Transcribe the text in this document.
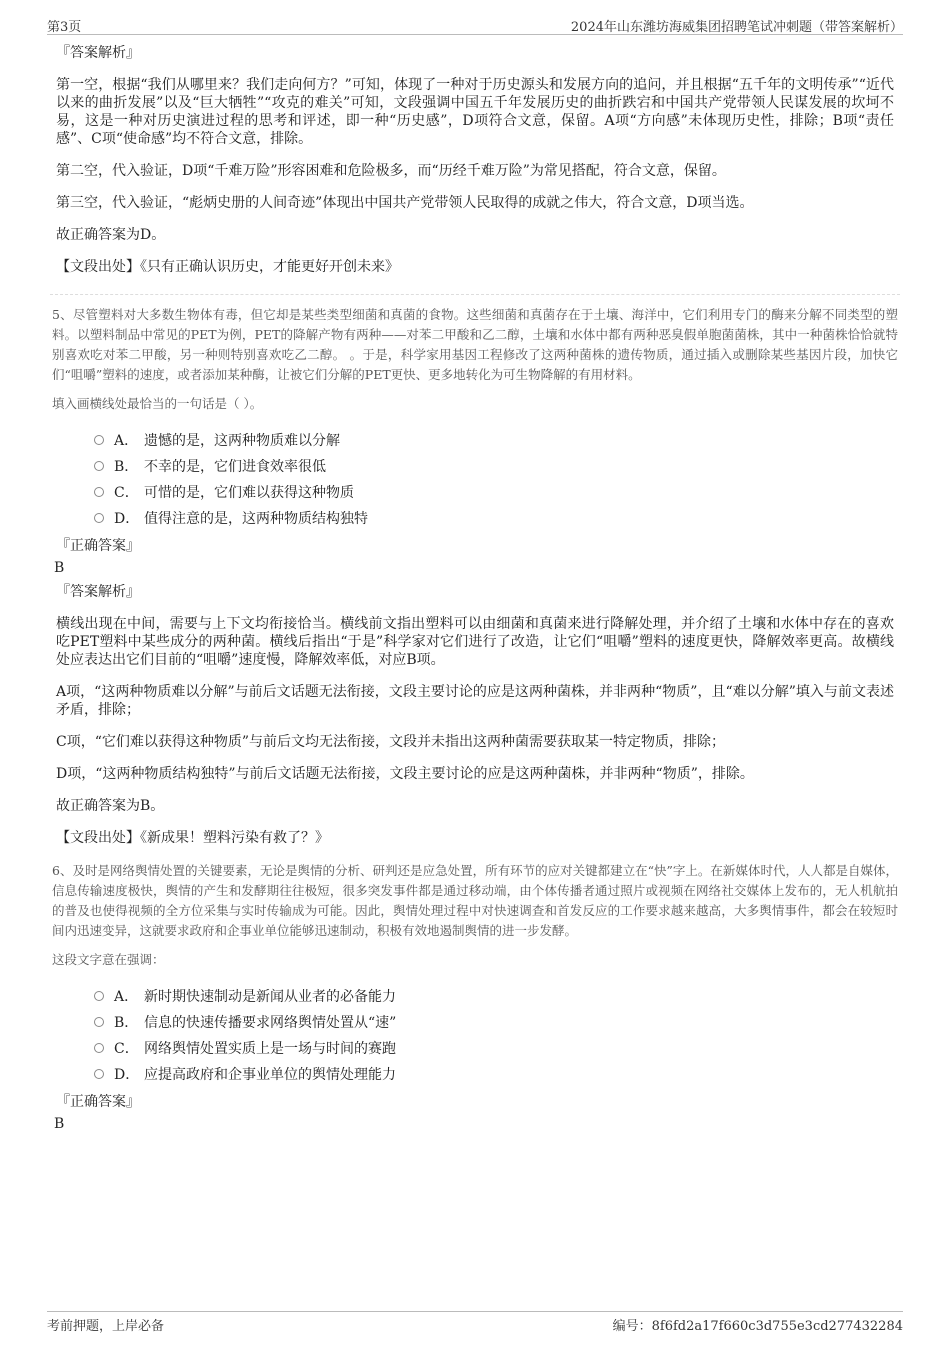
第3页	2024年山东潍坊海威集团招聘笔试冲刺题（带答案解析）
『答案解析』

第一空，根据“我们从哪里来？我们走向何方？”可知，体现了一种对于历史源头和发展方向的追问，并且根据“五千年的文明传承”“近代以来的曲折发展”以及“巨大牺牲”“攻克的难关”可知，文段强调中国五千年发展历史的曲折跌宕和中国共产党带领人民谋发展的坎坷不易，这是一种对历史演进过程的思考和评述，即一种“历史感”，D项符合文意，保留。A项“方向感”未体现历史性，排除；B项“责任感”、C项“使命感”均不符合文意，排除。

第二空，代入验证，D项“千难万险”形容困难和危险极多，而“历经千难万险”为常见搭配，符合文意，保留。

第三空，代入验证，“彪炳史册的人间奇迹”体现出中国共产党带领人民取得的成就之伟大，符合文意，D项当选。

故正确答案为D。

【文段出处】《只有正确认识历史，才能更好开创未来》

5、尽管塑料对大多数生物体有毒，但它却是某些类型细菌和真菌的食物。这些细菌和真菌存在于土壤、海洋中，它们利用专门的酶来分解不同类型的塑料。以塑料制品中常见的PET为例，PET的降解产物有两种——对苯二甲酸和乙二醇，土壤和水体中都有两种恶臭假单胞菌菌株，其中一种菌株恰恰就特别喜欢吃对苯二甲酸，另一种则特别喜欢吃乙二醇。 。于是，科学家用基因工程修改了这两种菌株的遗传物质，通过插入或删除某些基因片段，加快它们“咀嚼”塑料的速度，或者添加某种酶，让被它们分解的PET更快、更多地转化为可生物降解的有用材料。

填入画横线处最恰当的一句话是（ ）。

A． 遗憾的是，这两种物质难以分解
B． 不幸的是，它们进食效率很低
C． 可惜的是，它们难以获得这种物质
D． 值得注意的是，这两种物质结构独特
『正确答案』
B
『答案解析』

横线出现在中间，需要与上下文均衔接恰当。横线前文指出塑料可以由细菌和真菌来进行降解处理，并介绍了土壤和水体中存在的喜欢吃PET塑料中某些成分的两种菌。横线后指出“于是”科学家对它们进行了改造，让它们“咀嚼”塑料的速度更快，降解效率更高。故横线处应表达出它们目前的“咀嚼”速度慢，降解效率低，对应B项。

A项，“这两种物质难以分解”与前后文话题无法衔接，文段主要讨论的应是这两种菌株，并非两种“物质”，且“难以分解”填入与前文表述矛盾，排除；

C项，“它们难以获得这种物质”与前后文均无法衔接，文段并未指出这两种菌需要获取某一特定物质，排除；

D项，“这两种物质结构独特”与前后文话题无法衔接，文段主要讨论的应是这两种菌株，并非两种“物质”，排除。

故正确答案为B。

【文段出处】《新成果！塑料污染有救了？》

6、及时是网络舆情处置的关键要素，无论是舆情的分析、研判还是应急处置，所有环节的应对关键都建立在“快”字上。在新媒体时代，人人都是自媒体，信息传输速度极快，舆情的产生和发酵期往往极短，很多突发事件都是通过移动端，由个体传播者通过照片或视频在网络社交媒体上发布的，无人机航拍的普及也使得视频的全方位采集与实时传输成为可能。因此，舆情处理过程中对快速调查和首发反应的工作要求越来越高，大多舆情事件，都会在较短时间内迅速变异，这就要求政府和企事业单位能够迅速制动，积极有效地遏制舆情的进一步发酵。

这段文字意在强调：

A． 新时期快速制动是新闻从业者的必备能力
B． 信息的快速传播要求网络舆情处置从“速”
C． 网络舆情处置实质上是一场与时间的赛跑
D． 应提高政府和企事业单位的舆情处理能力
『正确答案』
B
考前押题，上岸必备	编号：8f6fd2a17f660c3d755e3cd277432284
